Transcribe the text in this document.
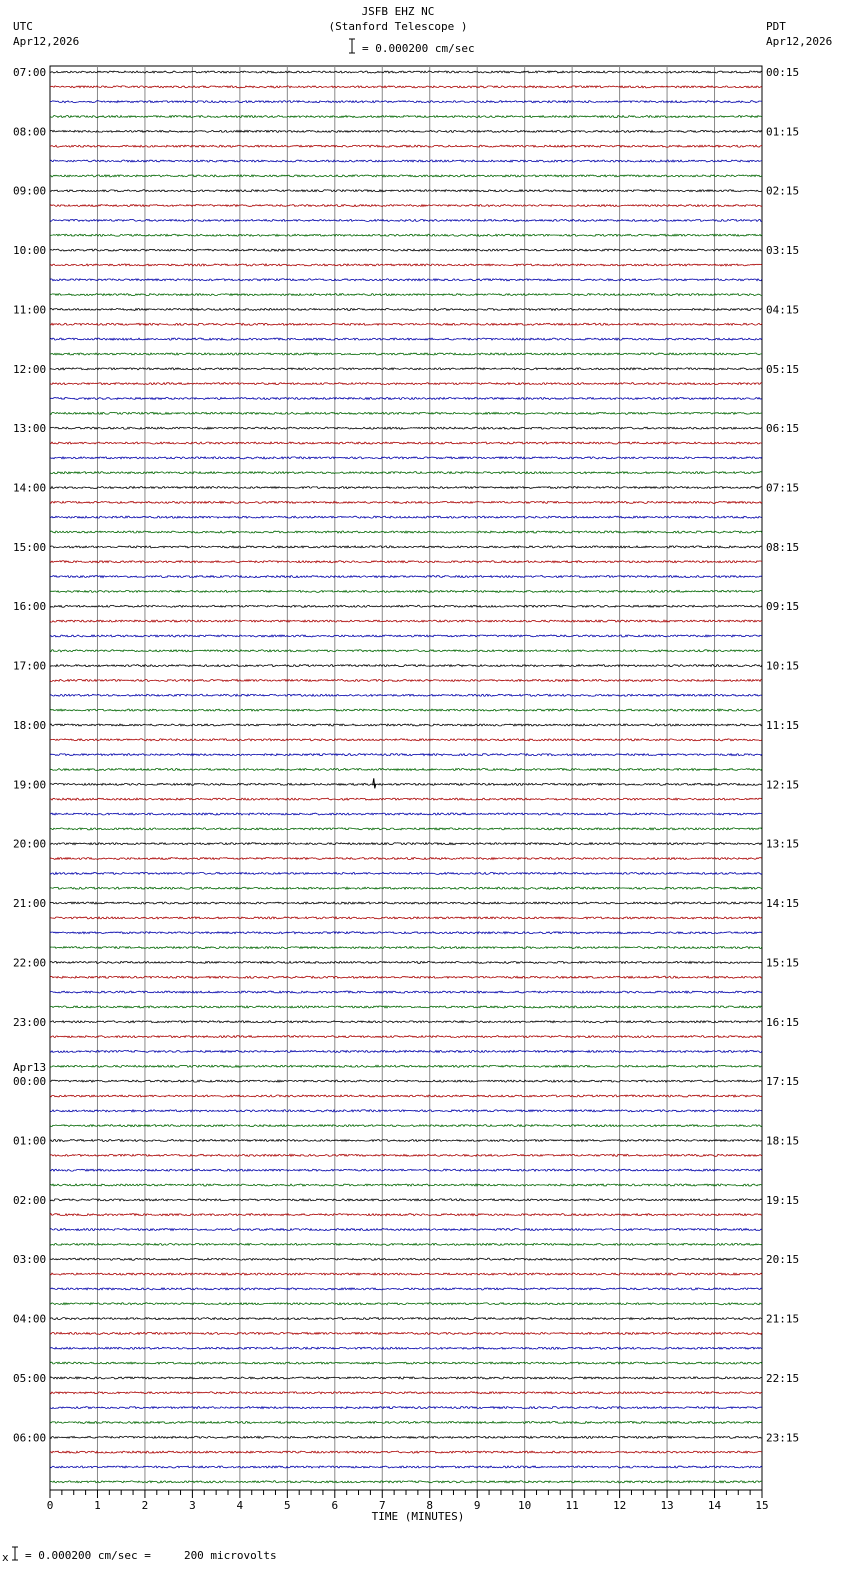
JSFB EHZ NC
(Stanford Telescope )
= 0.000200 cm/sec
UTC
Apr12,2026
PDT
Apr12,2026
07:00
08:00
09:00
10:00
11:00
12:00
13:00
14:00
15:00
16:00
17:00
18:00
19:00
20:00
21:00
22:00
23:00
00:00
01:00
02:00
03:00
04:00
05:00
06:00
Apr13
00:15
01:15
02:15
03:15
04:15
05:15
06:15
07:15
08:15
09:15
10:15
11:15
12:15
13:15
14:15
15:15
16:15
17:15
18:15
19:15
20:15
21:15
22:15
23:15
0	1	2	3	4	5	6	7	8	9	10	11	12	13	14	15
TIME (MINUTES)
x = 0.000200 cm/sec =     200 microvolts
